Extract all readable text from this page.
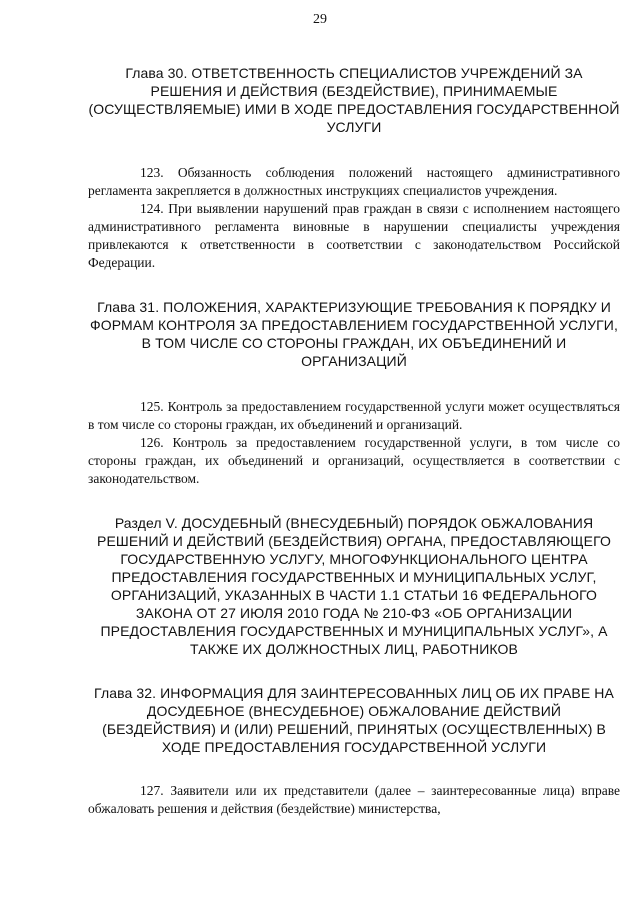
29
Глава 30. ОТВЕТСТВЕННОСТЬ СПЕЦИАЛИСТОВ УЧРЕЖДЕНИЙ ЗА РЕШЕНИЯ И ДЕЙСТВИЯ (БЕЗДЕЙСТВИЕ), ПРИНИМАЕМЫЕ (ОСУЩЕСТВЛЯЕМЫЕ) ИМИ В ХОДЕ ПРЕДОСТАВЛЕНИЯ ГОСУДАРСТВЕННОЙ УСЛУГИ

123. Обязанность соблюдения положений настоящего административного регламента закрепляется в должностных инструкциях специалистов учреждения.

124. При выявлении нарушений прав граждан в связи с исполнением настоящего административного регламента виновные в нарушении специалисты учреждения привлекаются к ответственности в соответствии с законодательством Российской Федерации.

Глава 31. ПОЛОЖЕНИЯ, ХАРАКТЕРИЗУЮЩИЕ ТРЕБОВАНИЯ К ПОРЯДКУ И ФОРМАМ КОНТРОЛЯ ЗА ПРЕДОСТАВЛЕНИЕМ ГОСУДАРСТВЕННОЙ УСЛУГИ, В ТОМ ЧИСЛЕ СО СТОРОНЫ ГРАЖДАН, ИХ ОБЪЕДИНЕНИЙ И ОРГАНИЗАЦИЙ

125. Контроль за предоставлением государственной услуги может осуществляться в том числе со стороны граждан, их объединений и организаций.

126. Контроль за предоставлением государственной услуги, в том числе со стороны граждан, их объединений и организаций, осуществляется в соответствии с законодательством.

Раздел V. ДОСУДЕБНЫЙ (ВНЕСУДЕБНЫЙ) ПОРЯДОК ОБЖАЛОВАНИЯ РЕШЕНИЙ И ДЕЙСТВИЙ (БЕЗДЕЙСТВИЯ) ОРГАНА, ПРЕДОСТАВЛЯЮЩЕГО ГОСУДАРСТВЕННУЮ УСЛУГУ, МНОГОФУНКЦИОНАЛЬНОГО ЦЕНТРА ПРЕДОСТАВЛЕНИЯ ГОСУДАРСТВЕННЫХ И МУНИЦИПАЛЬНЫХ УСЛУГ, ОРГАНИЗАЦИЙ, УКАЗАННЫХ В ЧАСТИ 1.1 СТАТЬИ 16 ФЕДЕРАЛЬНОГО ЗАКОНА ОТ 27 ИЮЛЯ 2010 ГОДА № 210-ФЗ «ОБ ОРГАНИЗАЦИИ ПРЕДОСТАВЛЕНИЯ ГОСУДАРСТВЕННЫХ И МУНИЦИПАЛЬНЫХ УСЛУГ», А ТАКЖЕ ИХ ДОЛЖНОСТНЫХ ЛИЦ, РАБОТНИКОВ
Глава 32. ИНФОРМАЦИЯ ДЛЯ ЗАИНТЕРЕСОВАННЫХ ЛИЦ ОБ ИХ ПРАВЕ НА ДОСУДЕБНОЕ (ВНЕСУДЕБНОЕ) ОБЖАЛОВАНИЕ ДЕЙСТВИЙ (БЕЗДЕЙСТВИЯ) И (ИЛИ) РЕШЕНИЙ, ПРИНЯТЫХ (ОСУЩЕСТВЛЕННЫХ) В ХОДЕ ПРЕДОСТАВЛЕНИЯ ГОСУДАРСТВЕННОЙ УСЛУГИ

127. Заявители или их представители (далее – заинтересованные лица) вправе обжаловать решения и действия (бездействие) министерства,
